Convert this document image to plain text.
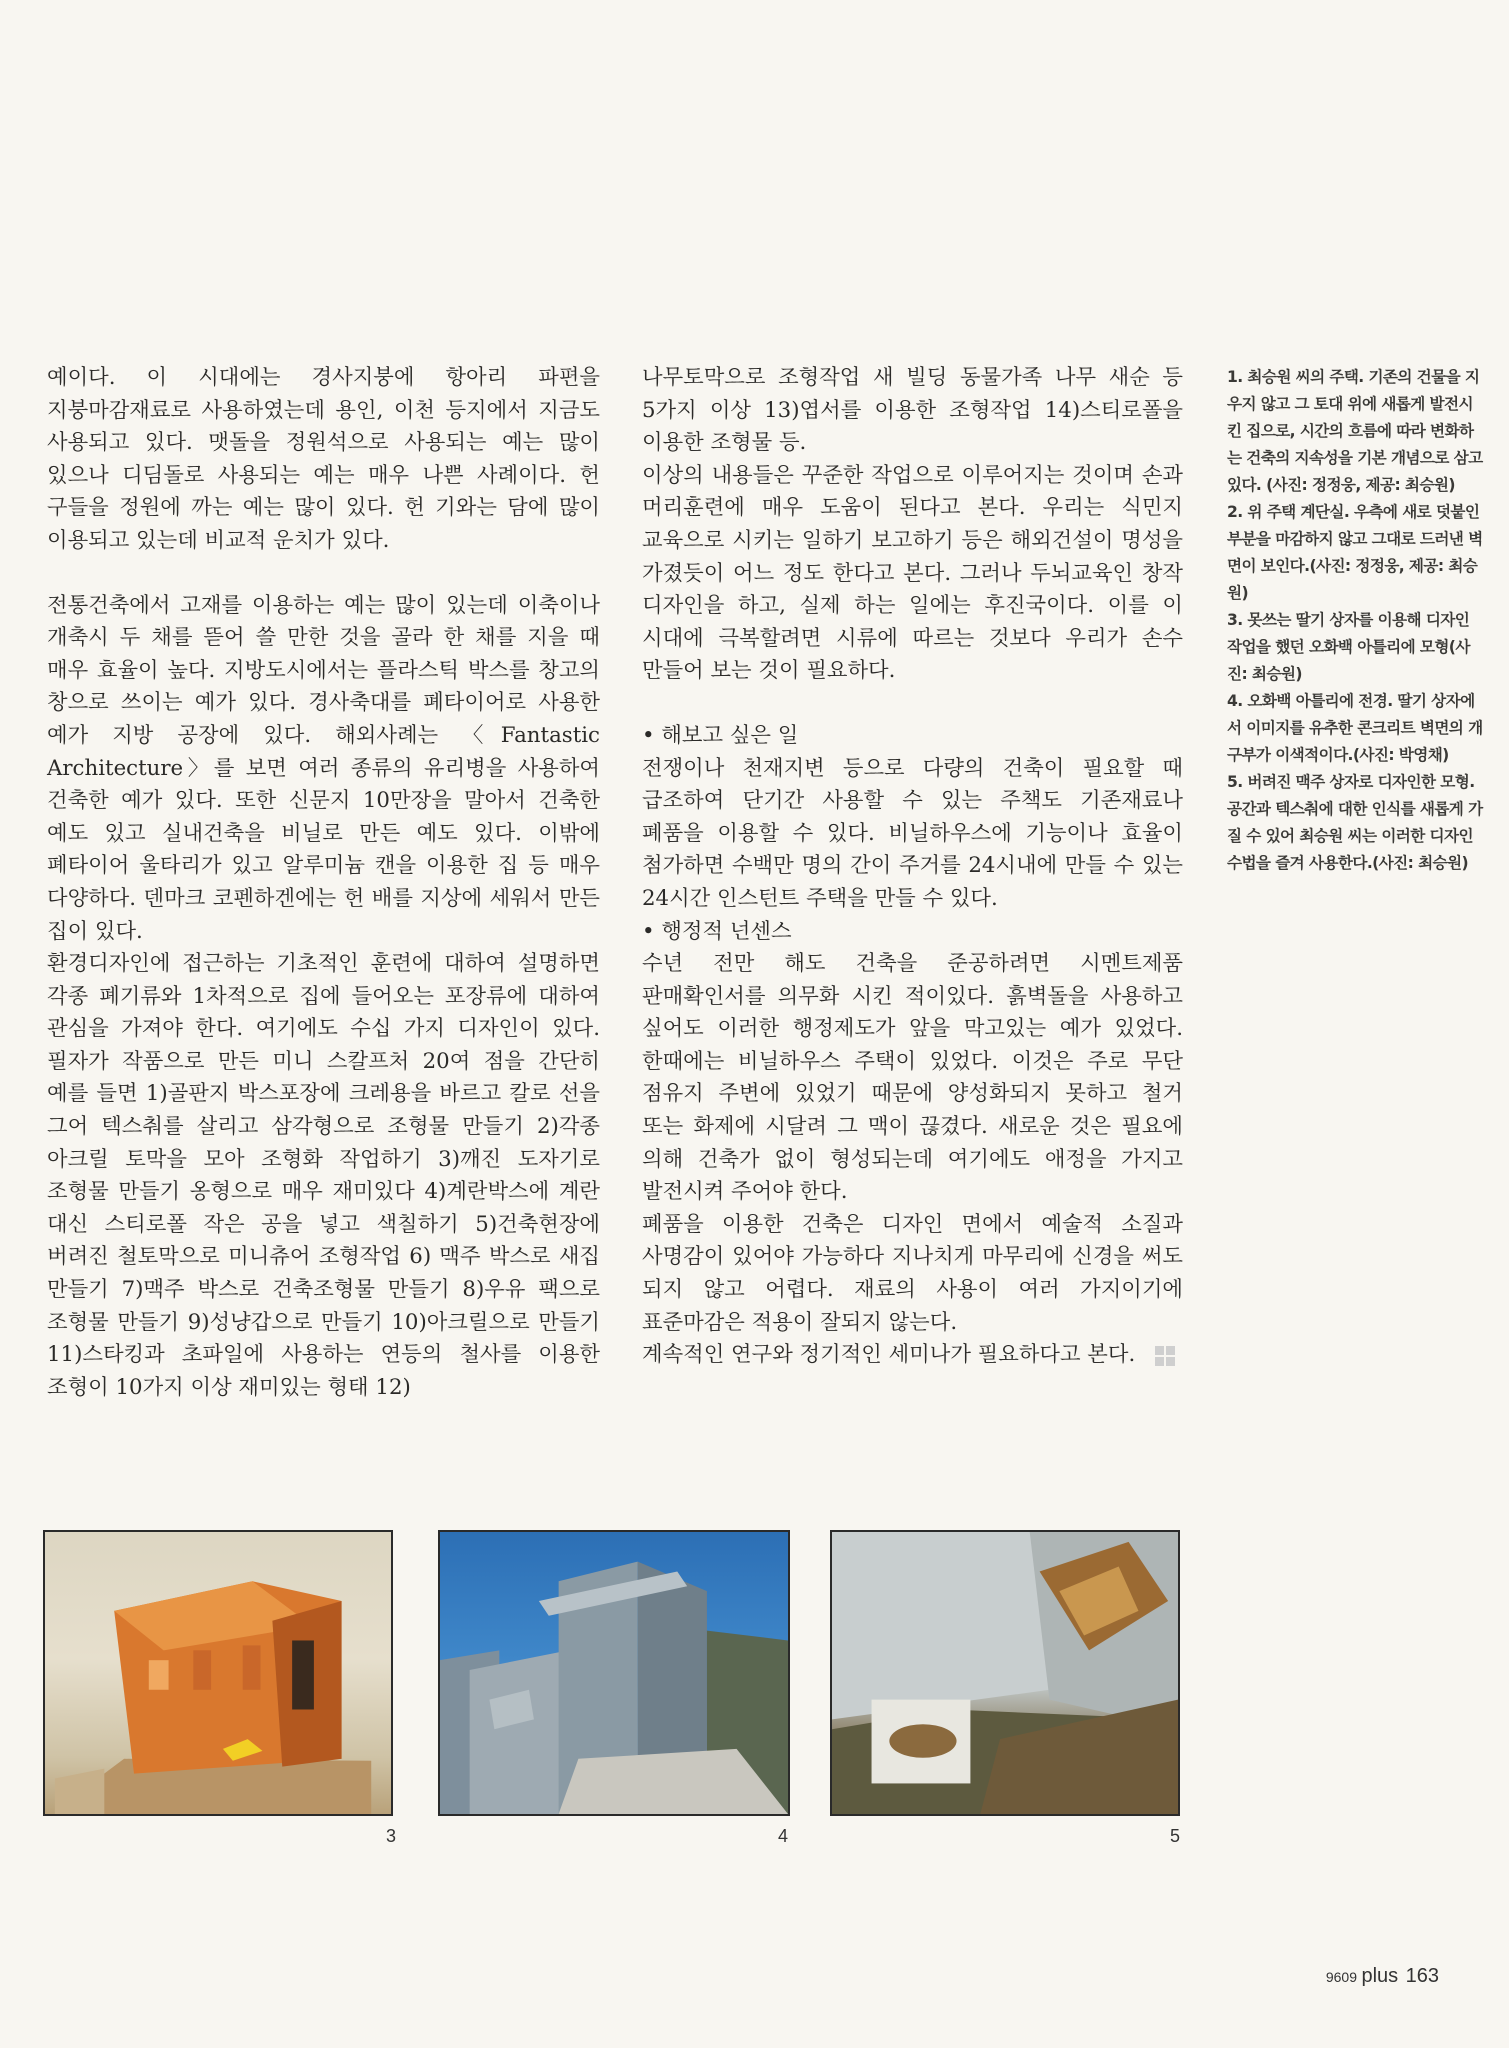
예이다. 이 시대에는 경사지붕에 항아리 파편을 지붕마감재료로 사용하였는데 용인, 이천 등지에서 지금도 사용되고 있다. 맷돌을 정원석으로 사용되는 예는 많이 있으나 디딤돌로 사용되는 예는 매우 나쁜 사례이다. 헌 구들을 정원에 까는 예는 많이 있다. 헌 기와는 담에 많이 이용되고 있는데 비교적 운치가 있다.

전통건축에서 고재를 이용하는 예는 많이 있는데 이축이나 개축시 두 채를 뜯어 쓸 만한 것을 골라 한 채를 지을 때 매우 효율이 높다. 지방도시에서는 플라스틱 박스를 창고의 창으로 쓰이는 예가 있다. 경사축대를 폐타이어로 사용한 예가 지방 공장에 있다. 해외사례는 〈Fantastic Architecture〉를 보면 여러 종류의 유리병을 사용하여 건축한 예가 있다. 또한 신문지 10만장을 말아서 건축한 예도 있고 실내건축을 비닐로 만든 예도 있다. 이밖에 폐타이어 울타리가 있고 알루미늄 캔을 이용한 집 등 매우 다양하다. 덴마크 코펜하겐에는 헌 배를 지상에 세워서 만든 집이 있다.

환경디자인에 접근하는 기초적인 훈련에 대하여 설명하면 각종 폐기류와 1차적으로 집에 들어오는 포장류에 대하여 관심을 가져야 한다. 여기에도 수십 가지 디자인이 있다. 필자가 작품으로 만든 미니 스칼프처 20여 점을 간단히 예를 들면 1)골판지 박스포장에 크레용을 바르고 칼로 선을 그어 텍스춰를 살리고 삼각형으로 조형물 만들기 2)각종 아크릴 토막을 모아 조형화 작업하기 3)깨진 도자기로 조형물 만들기 옹형으로 매우 재미있다 4)계란박스에 계란 대신 스티로폴 작은 공을 넣고 색칠하기 5)건축현장에 버려진 철토막으로 미니츄어 조형작업 6) 맥주 박스로 새집 만들기 7)맥주 박스로 건축조형물 만들기 8)우유 팩으로 조형물 만들기 9)성냥갑으로 만들기 10)아크릴으로 만들기 11)스타킹과 초파일에 사용하는 연등의 철사를 이용한 조형이 10가지 이상 재미있는 형태 12)

나무토막으로 조형작업 새 빌딩 동물가족 나무 새순 등 5가지 이상 13)엽서를 이용한 조형작업 14)스티로폴을 이용한 조형물 등.

이상의 내용들은 꾸준한 작업으로 이루어지는 것이며 손과 머리훈련에 매우 도움이 된다고 본다. 우리는 식민지 교육으로 시키는 일하기 보고하기 등은 해외건설이 명성을 가졌듯이 어느 정도 한다고 본다. 그러나 두뇌교육인 창작 디자인을 하고, 실제 하는 일에는 후진국이다. 이를 이 시대에 극복할려면 시류에 따르는 것보다 우리가 손수 만들어 보는 것이 필요하다.

• 해보고 싶은 일

전쟁이나 천재지변 등으로 다량의 건축이 필요할 때 급조하여 단기간 사용할 수 있는 주책도 기존재료나 폐품을 이용할 수 있다. 비닐하우스에 기능이나 효율이 첨가하면 수백만 명의 간이 주거를 24시내에 만들 수 있는 24시간 인스턴트 주택을 만들 수 있다.

• 행정적 넌센스

수년 전만 해도 건축을 준공하려면 시멘트제품 판매확인서를 의무화 시킨 적이있다. 흙벽돌을 사용하고 싶어도 이러한 행정제도가 앞을 막고있는 예가 있었다. 한때에는 비닐하우스 주택이 있었다. 이것은 주로 무단 점유지 주변에 있었기 때문에 양성화되지 못하고 철거 또는 화제에 시달려 그 맥이 끊겼다. 새로운 것은 필요에 의해 건축가 없이 형성되는데 여기에도 애정을 가지고 발전시켜 주어야 한다.

폐품을 이용한 건축은 디자인 면에서 예술적 소질과 사명감이 있어야 가능하다 지나치게 마무리에 신경을 써도 되지 않고 어렵다. 재료의 사용이 여러 가지이기에 표준마감은 적용이 잘되지 않는다.

계속적인 연구와 정기적인 세미나가 필요하다고 본다.

1. 최승원 씨의 주택. 기존의 건물을 지우지 않고 그 토대 위에 새롭게 발전시킨 집으로, 시간의 흐름에 따라 변화하는 건축의 지속성을 기본 개념으로 삼고 있다. (사진: 정정웅, 제공: 최승원)

2. 위 주택 계단실. 우측에 새로 덧붙인 부분을 마감하지 않고 그대로 드러낸 벽면이 보인다.(사진: 정정웅, 제공: 최승원)

3. 못쓰는 딸기 상자를 이용해 디자인 작업을 했던 오화백 아틀리에 모형(사진: 최승원)

4. 오화백 아틀리에 전경. 딸기 상자에서 이미지를 유추한 콘크리트 벽면의 개구부가 이색적이다.(사진: 박영채)

5. 버려진 맥주 상자로 디자인한 모형. 공간과 텍스춰에 대한 인식를 새롭게 가질 수 있어 최승원 씨는 이러한 디자인 수법을 즐겨 사용한다.(사진: 최승원)

3	4	5
9609 plus 163
